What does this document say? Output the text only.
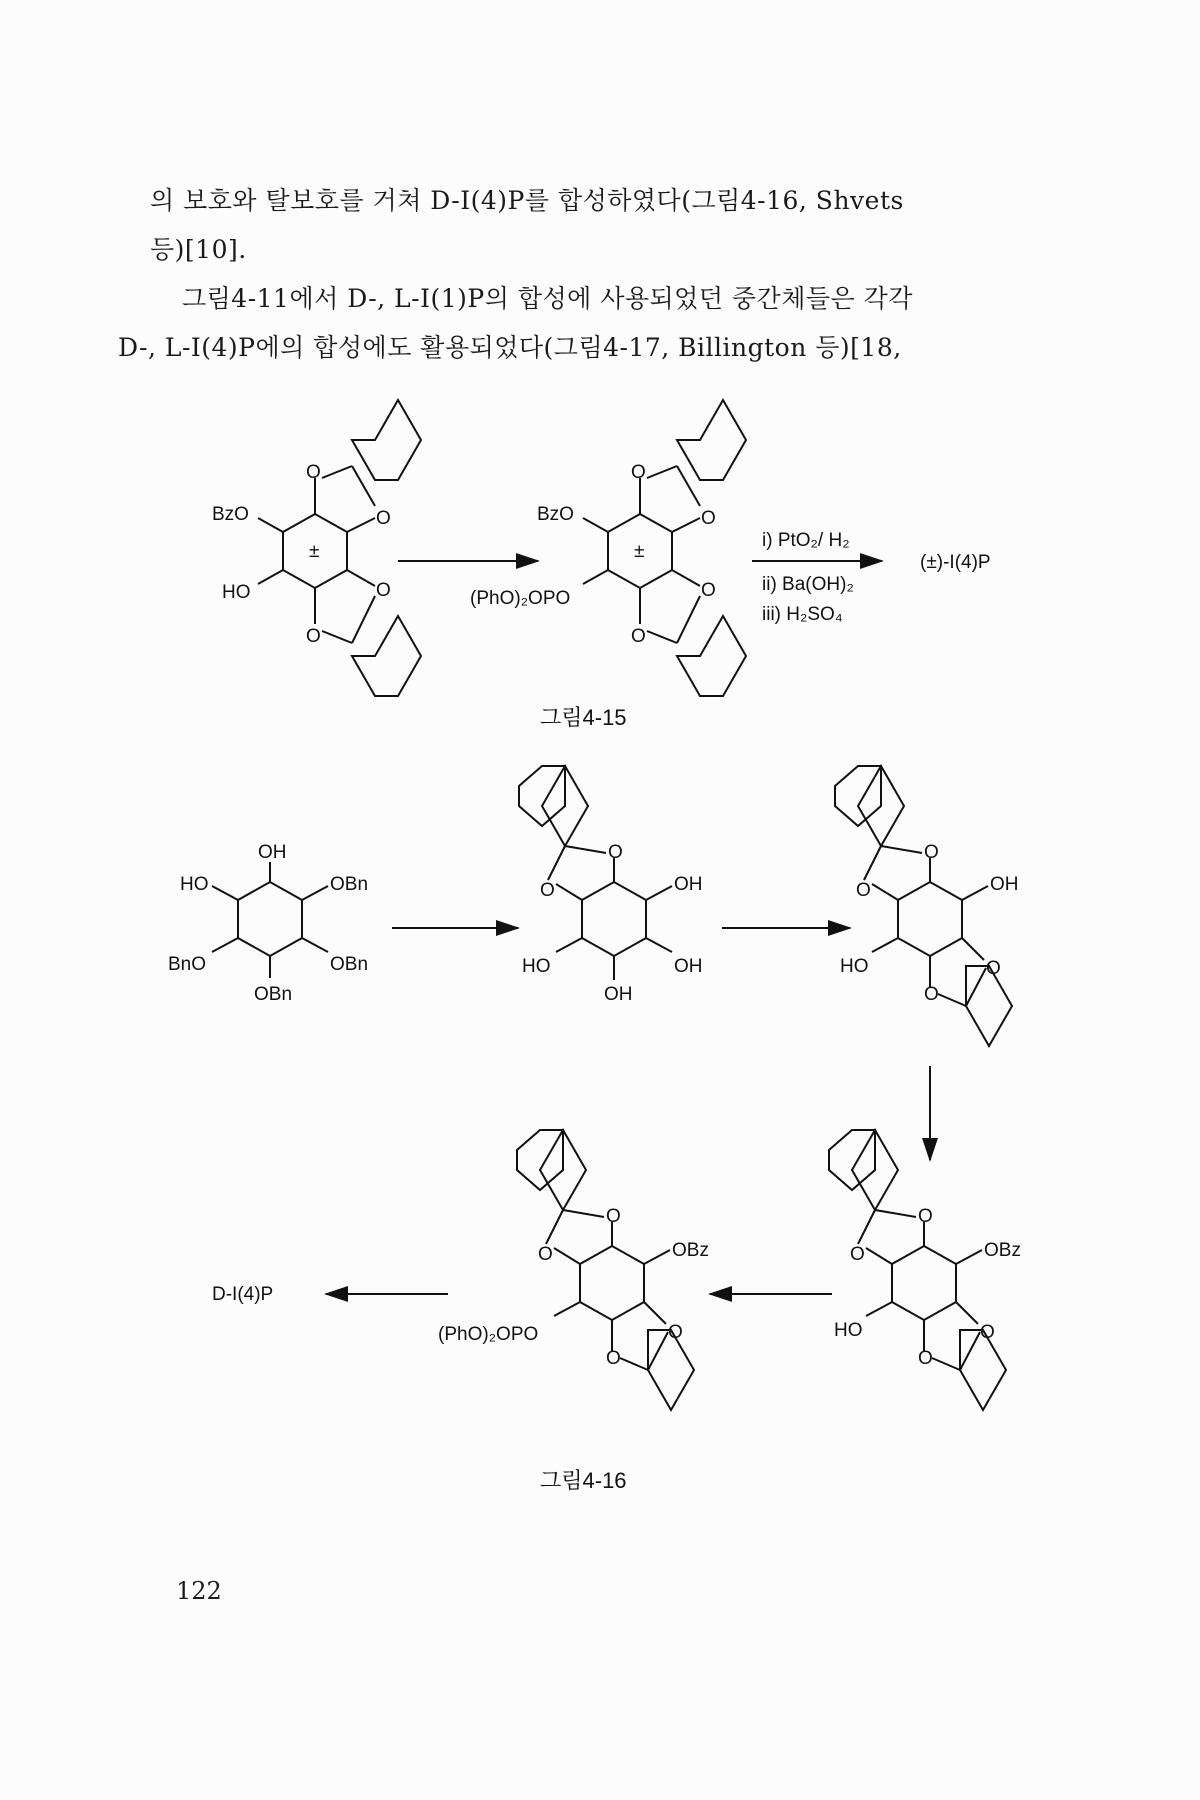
의 보호와 탈보호를 거쳐 D-I(4)P를 합성하였다(그림4-16, Shvets
등)[10].
그림4-11에서 D-, L-I(1)P의 합성에 사용되었던 중간체들은 각각
D-, L-I(4)P에의 합성에도 활용되었다(그림4-17, Billington 등)[18,
O
O
O
O
BzO
HO
±
O
O
O
O
BzO
(PhO)₂OPO
±
i) PtO₂/ H₂
ii) Ba(OH)₂
iii) H₂SO₄
(±)-I(4)P
그림4-15
OH
HO	OBn
BnO	OBn
OBn
O
O	OH
HO	OH
OH
O
O	OH
HO	O
O
O
O	OBz
HO	O
O
O
O	OBz
(PhO)₂OPO	O
O
D-I(4)P
그림4-16
122
